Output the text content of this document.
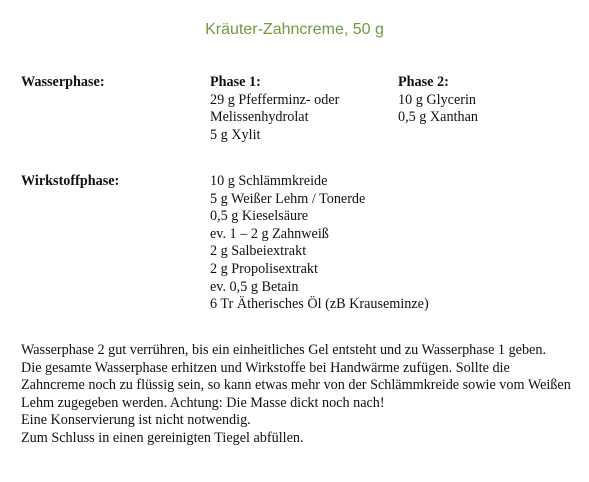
Kräuter-Zahncreme, 50 g
Wasserphase:	Phase 1:
29 g Pfefferminz- oder
Melissenhydrolat
5 g Xylit
Phase 2:
10 g Glycerin
0,5 g Xanthan
Wirkstoffphase:	10 g Schlämmkreide
5 g Weißer Lehm / Tonerde
0,5 g Kieselsäure
ev. 1 – 2 g Zahnweiß
2 g Salbeiextrakt
2 g Propolisextrakt
ev. 0,5 g Betain
6 Tr Ätherisches Öl (zB Krauseminze)
Wasserphase 2 gut verrühren, bis ein einheitliches Gel entsteht und zu Wasserphase 1 geben.
Die gesamte Wasserphase erhitzen und Wirkstoffe bei Handwärme zufügen. Sollte die Zahncreme noch zu flüssig sein, so kann etwas mehr von der Schlämmkreide sowie vom Weißen Lehm zugegeben werden. Achtung: Die Masse dickt noch nach!
Eine Konservierung ist nicht notwendig.
Zum Schluss in einen gereinigten Tiegel abfüllen.
